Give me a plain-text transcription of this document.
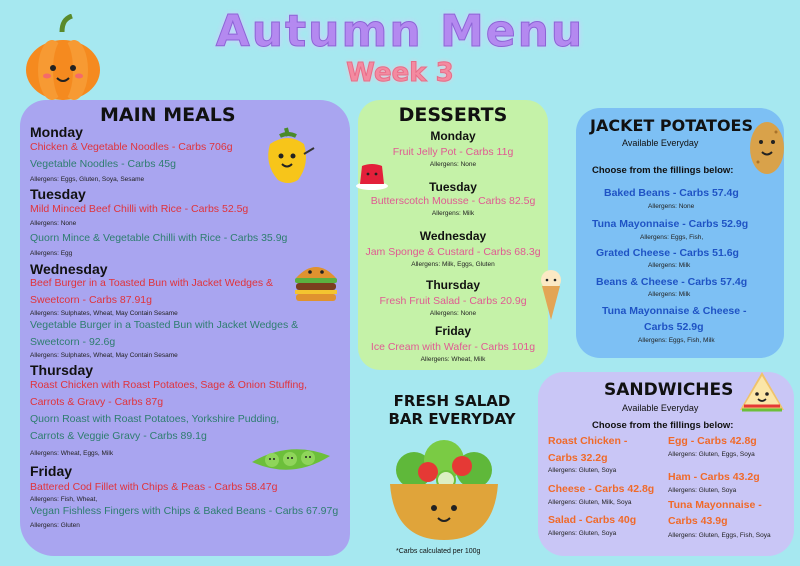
Autumn Menu
Week 3
MAIN MEALS
Monday
Chicken & Vegetable Noodles - Carbs 706g
Vegetable Noodles - Carbs 45g
Allergens: Eggs, Gluten, Soya, Sesame
Tuesday
Mild Minced Beef Chilli with Rice - Carbs 52.5g
Allergens: None
Quorn Mince & Vegetable Chilli with Rice - Carbs 35.9g
Allergens: Egg
Wednesday
Beef Burger in a Toasted Bun with Jacket Wedges &
Sweetcorn - Carbs 87.91g
Allergens: Sulphates, Wheat, May Contain Sesame
Vegetable Burger in a Toasted Bun with Jacket Wedges &
Sweetcorn - 92.6g
Allergens: Sulphates, Wheat, May Contain Sesame
Thursday
Roast Chicken with Roast Potatoes, Sage & Onion Stuffing,
Carrots & Gravy - Carbs 87g
Quorn Roast with Roast Potatoes, Yorkshire Pudding,
Carrots & Veggie Gravy - Carbs 89.1g
Allergens: Wheat, Eggs, Milk
Friday
Battered Cod Fillet with Chips & Peas - Carbs 58.47g
Allergens: Fish, Wheat,
Vegan Fishless Fingers with Chips & Baked Beans - Carbs 67.97g
Allergens: Gluten
DESSERTS
Monday
Fruit Jelly Pot - Carbs 11g
Allergens: None
Tuesday
Butterscotch Mousse - Carbs 82.5g
Allergens: Milk
Wednesday
Jam Sponge & Custard - Carbs 68.3g
Allergens: Milk, Eggs, Gluten
Thursday
Fresh Fruit Salad - Carbs 20.9g
Allergens: None
Friday
Ice Cream with Wafer - Carbs 101g
Allergens: Wheat, Milk
FRESH SALAD
BAR EVERYDAY
*Carbs calculated per 100g
JACKET POTATOES
Available Everyday
Choose from the fillings below:
Baked Beans - Carbs 57.4g
Allergens: None
Tuna Mayonnaise - Carbs 52.9g
Allergens: Eggs, Fish,
Grated Cheese - Carbs 51.6g
Allergens: Milk
Beans & Cheese - Carbs 57.4g
Allergens: Milk
Tuna Mayonnaise & Cheese -
Carbs 52.9g
Allergens: Eggs, Fish, Milk
SANDWICHES
Available Everyday
Choose from the fillings below:
Roast Chicken -
Carbs 32.2g
Allergens: Gluten, Soya
Cheese - Carbs 42.8g
Allergens: Gluten, Milk, Soya
Salad - Carbs 40g
Allergens: Gluten, Soya
Egg - Carbs 42.8g
Allergens: Gluten, Eggs, Soya
Ham - Carbs 43.2g
Allergens: Gluten, Soya
Tuna Mayonnaise -
Carbs 43.9g
Allergens: Gluten, Eggs, Fish, Soya
